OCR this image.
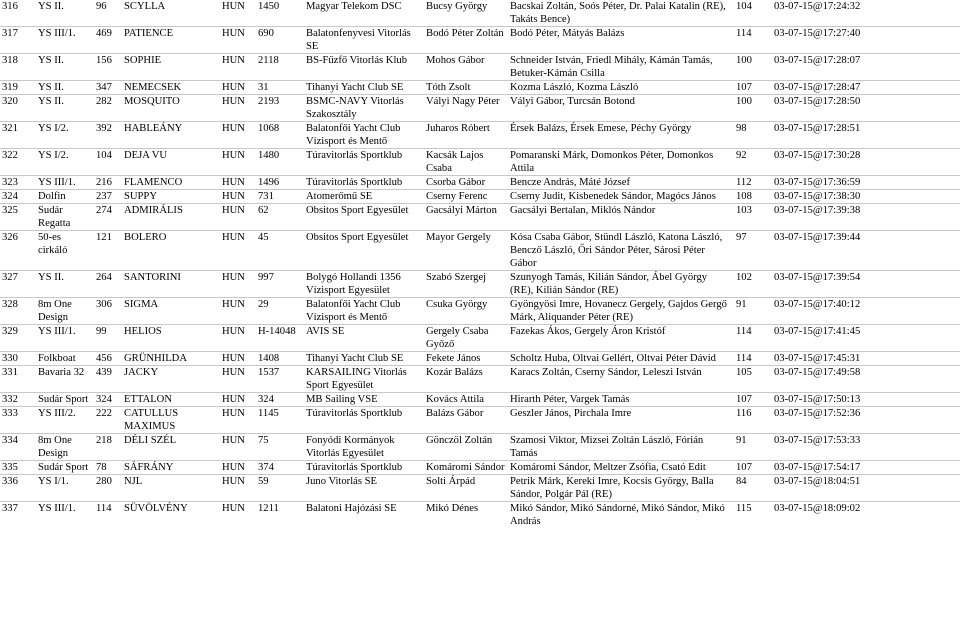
316	YS II.	96	SCYLLA	HUN	1450	Magyar Telekom DSC	Bucsy György	Bacskai Zoltán, Soós Péter, Dr. Palai Katalin (RE), Takáts Bence)	104	03-07-15@17:24:32
317	YS III/1.	469	PATIENCE	HUN	690	Balatonfenyvesi Vitorlás SE	Bodó Péter Zoltán	Bodó Péter, Mátyás Balázs	114	03-07-15@17:27:40
318	YS II.	156	SOPHIE	HUN	2118	BS-Fűzfő Vitorlás Klub	Mohos Gábor	Schneider István, Friedl Mihály, Kámán Tamás, Betuker-Kámán Csilla	100	03-07-15@17:28:07
319	YS II.	347	NEMECSEK	HUN	31	Tihanyi Yacht Club SE	Tóth Zsolt	Kozma László, Kozma László	107	03-07-15@17:28:47
320	YS II.	282	MOSQUITO	HUN	2193	BSMC-NAVY Vitorlás Szakosztály	Vályi Nagy Péter	Vályi Gábor, Turcsán Botond	100	03-07-15@17:28:50
321	YS I/2.	392	HABLEÁNY	HUN	1068	Balatonfői Yacht Club Vízisport és Mentő	Juharos Róbert	Érsek Balázs, Érsek Emese, Péchy György	98	03-07-15@17:28:51
322	YS I/2.	104	DEJA VU	HUN	1480	Túravitorlás Sportklub	Kacsák Lajos Csaba	Pomaranski Márk, Domonkos Péter, Domonkos Attila	92	03-07-15@17:30:28
323	YS III/1.	216	FLAMENCO	HUN	1496	Túravitorlás Sportklub	Csorba Gábor	Bencze András, Máté József	112	03-07-15@17:36:59
324	Dolfin	237	SUPPY	HUN	731	Atomerőmű SE	Cserny Ferenc	Cserny Judit, Kisbenedek Sándor, Magócs János	108	03-07-15@17:38:30
325	Sudár Regatta	274	ADMIRÁLIS	HUN	62	Obsitos Sport Egyesület	Gacsályi Márton	Gacsályi Bertalan, Miklós Nándor	103	03-07-15@17:39:38
326	50-es cirkáló	121	BOLERO	HUN	45	Obsitos Sport Egyesület	Mayor Gergely	Kósa Csaba Gábor, Stündl László, Katona László, Bencző László, Őri Sándor Péter, Sárosi Péter Gábor	97	03-07-15@17:39:44
327	YS II.	264	SANTORINI	HUN	997	Bolygó Hollandi 1356 Vízisport Egyesület	Szabó Szergej	Szunyogh Tamás, Kilián Sándor, Ábel György (RE), Kilián Sándor (RE)	102	03-07-15@17:39:54
328	8m One Design	306	SIGMA	HUN	29	Balatonfői Yacht Club Vízisport és Mentő	Csuka György	Gyöngyösi Imre, Hovanecz Gergely, Gajdos Gergő Márk, Aliquander Péter (RE)	91	03-07-15@17:40:12
329	YS III/1.	99	HELIOS	HUN	H-14048	AVIS SE	Gergely Csaba Győző	Fazekas Ákos, Gergely Áron Kristóf	114	03-07-15@17:41:45
330	Folkboat	456	GRÜNHILDA	HUN	1408	Tihanyi Yacht Club SE	Fekete János	Scholtz Huba, Oltvai Gellért, Oltvai Péter Dávid	114	03-07-15@17:45:31
331	Bavaria 32	439	JACKY	HUN	1537	KARSAILING Vitorlás Sport Egyesület	Kozár Balázs	Karacs Zoltán, Cserny Sándor, Leleszi István	105	03-07-15@17:49:58
332	Sudár Sport	324	ETTALON	HUN	324	MB Sailing VSE	Kovács Attila	Hirarth Péter, Vargek Tamás	107	03-07-15@17:50:13
333	YS III/2.	222	CATULLUS MAXIMUS	HUN	1145	Túravitorlás Sportklub	Balázs Gábor	Geszler János, Pirchala Imre	116	03-07-15@17:52:36
334	8m One Design	218	DÉLI SZÉL	HUN	75	Fonyódi Kormányok Vitorlás Egyesület	Gönczöl Zoltán	Szamosi Viktor, Mizsei Zoltán László, Fórián Tamás	91	03-07-15@17:53:33
335	Sudár Sport	78	SÁFRÁNY	HUN	374	Túravitorlás Sportklub	Komáromi Sándor	Komáromi Sándor, Meltzer Zsófia, Csató Edit	107	03-07-15@17:54:17
336	YS I/1.	280	NJL	HUN	59	Juno Vitorlás SE	Solti Árpád	Petrik Márk, Kereki Imre, Kocsis György, Balla Sándor, Polgár Pál (RE)	84	03-07-15@18:04:51
337	YS III/1.	114	SÜVÖLVÉNY	HUN	1211	Balatoni Hajózási SE	Mikó Dénes	Mikó Sándor, Mikó Sándorné, Mikó Sándor, Mikó András	115	03-07-15@18:09:02
